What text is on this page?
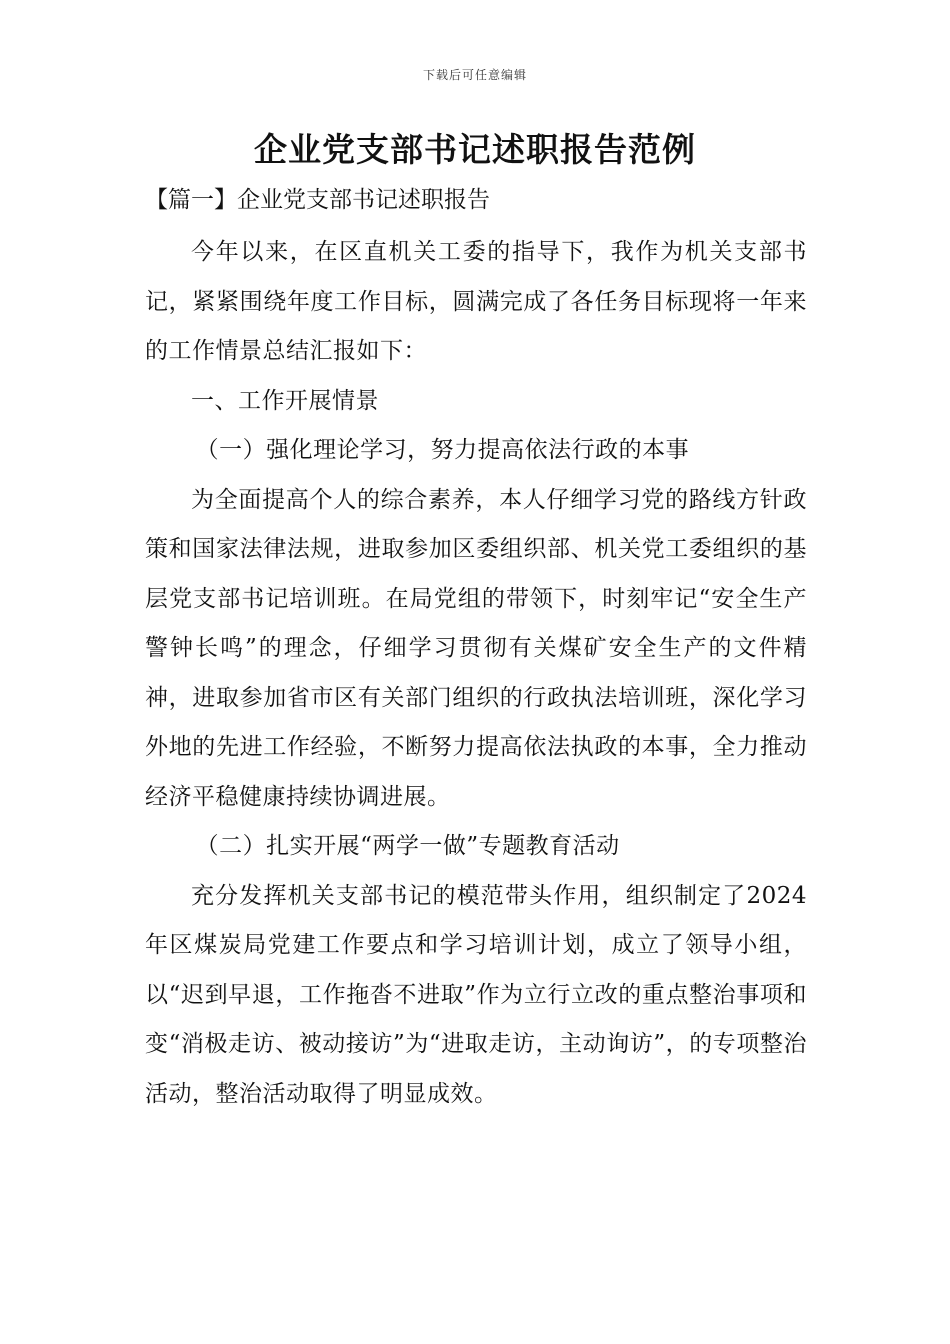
下载后可任意编辑
企业党支部书记述职报告范例
【篇一】企业党支部书记述职报告

今年以来，在区直机关工委的指导下，我作为机关支部书记，紧紧围绕年度工作目标，圆满完成了各任务目标现将一年来的工作情景总结汇报如下：

一、工作开展情景

（一）强化理论学习，努力提高依法行政的本事

为全面提高个人的综合素养，本人仔细学习党的路线方针政策和国家法律法规，进取参加区委组织部、机关党工委组织的基层党支部书记培训班。在局党组的带领下，时刻牢记“安全生产警钟长鸣”的理念，仔细学习贯彻有关煤矿安全生产的文件精神，进取参加省市区有关部门组织的行政执法培训班，深化学习外地的先进工作经验，不断努力提高依法执政的本事，全力推动经济平稳健康持续协调进展。

（二）扎实开展“两学一做”专题教育活动

充分发挥机关支部书记的模范带头作用，组织制定了2024年区煤炭局党建工作要点和学习培训计划，成立了领导小组，以“迟到早退，工作拖沓不进取”作为立行立改的重点整治事项和变“消极走访、被动接访”为“进取走访，主动询访”，的专项整治活动，整治活动取得了明显成效。
